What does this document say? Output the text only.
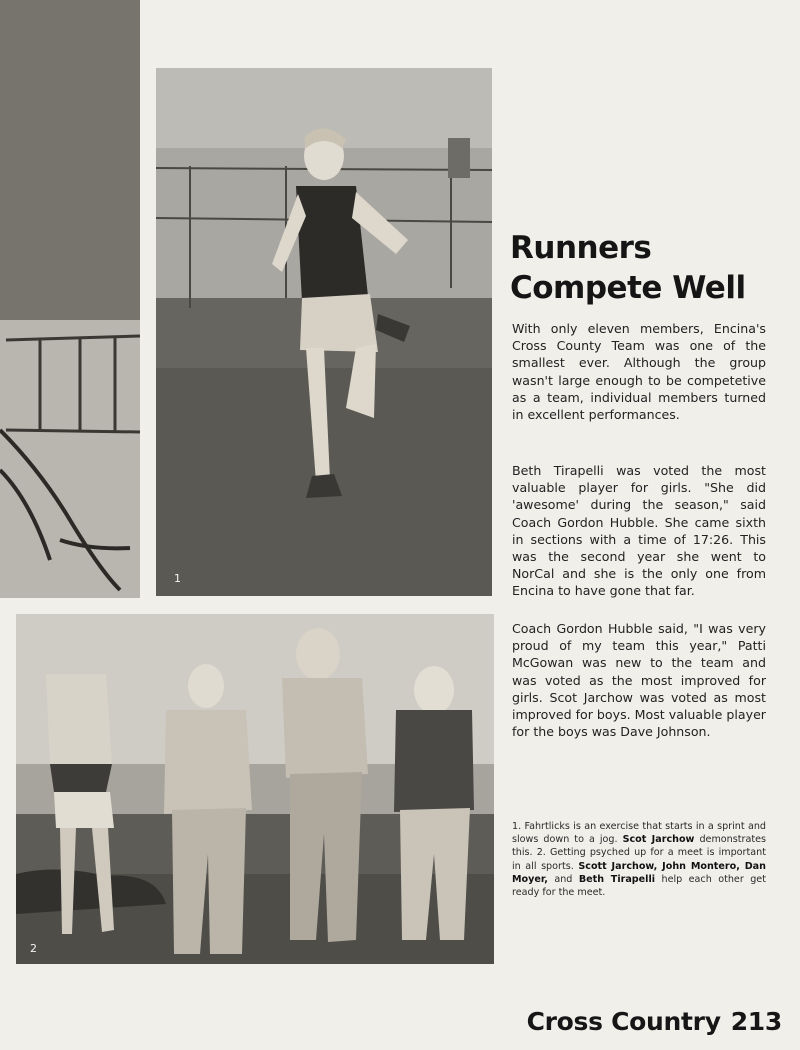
1
2
Runners
Compete Well

With only eleven members, Encina's Cross County Team was one of the smallest ever. Although the group wasn't large enough to be competetive as a team, individual members turned in excellent performances.

Beth Tirapelli was voted the most valuable player for girls. "She did 'awesome' during the season," said Coach Gordon Hubble. She came sixth in sections with a time of 17:26. This was the second year she went to NorCal and she is the only one from Encina to have gone that far.

Coach Gordon Hubble said, "I was very proud of my team this year," Patti McGowan was new to the team and was voted as the most improved for girls. Scot Jarchow was voted as most improved for boys. Most valuable player for the boys was Dave Johnson.

1. Fahrtlicks is an exercise that starts in a sprint and slows down to a jog. Scot Jarchow demonstrates this. 2. Getting psyched up for a meet is important in all sports. Scott Jarchow, John Montero, Dan Moyer, and Beth Tirapelli help each other get ready for the meet.

Cross Country 213
